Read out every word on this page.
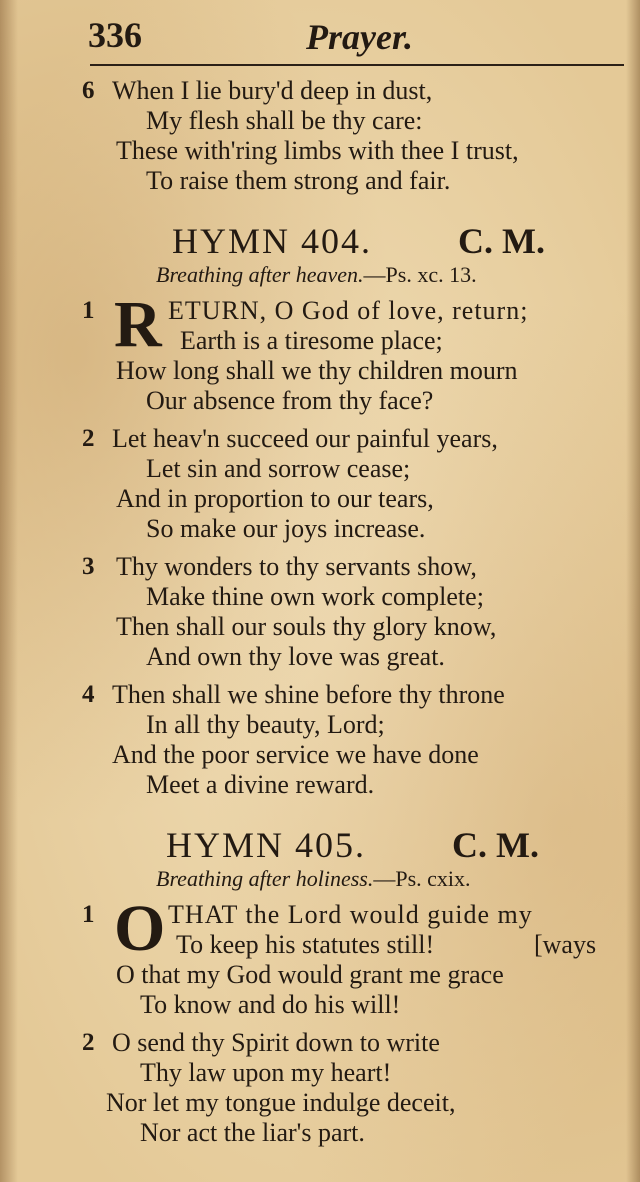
336	Prayer.
6 When I lie bury'd deep in dust,
My flesh shall be thy care:
These with'ring limbs with thee I trust,
To raise them strong and fair.
HYMN 404. C. M.
Breathing after heaven.—Ps. xc. 13.
1 R ETURN, O God of love, return;
Earth is a tiresome place;
How long shall we thy children mourn
Our absence from thy face?
2 Let heav'n succeed our painful years,
Let sin and sorrow cease;
And in proportion to our tears,
So make our joys increase.
3 Thy wonders to thy servants show,
Make thine own work complete;
Then shall our souls thy glory know,
And own thy love was great.
4 Then shall we shine before thy throne
In all thy beauty, Lord;
And the poor service we have done
Meet a divine reward.
HYMN 405. C. M.
Breathing after holiness.—Ps. cxix.
1 O THAT the Lord would guide my
To keep his statutes still!	[ways
O that my God would grant me grace
To know and do his will!
2 O send thy Spirit down to write
Thy law upon my heart!
Nor let my tongue indulge deceit,
Nor act the liar's part.
